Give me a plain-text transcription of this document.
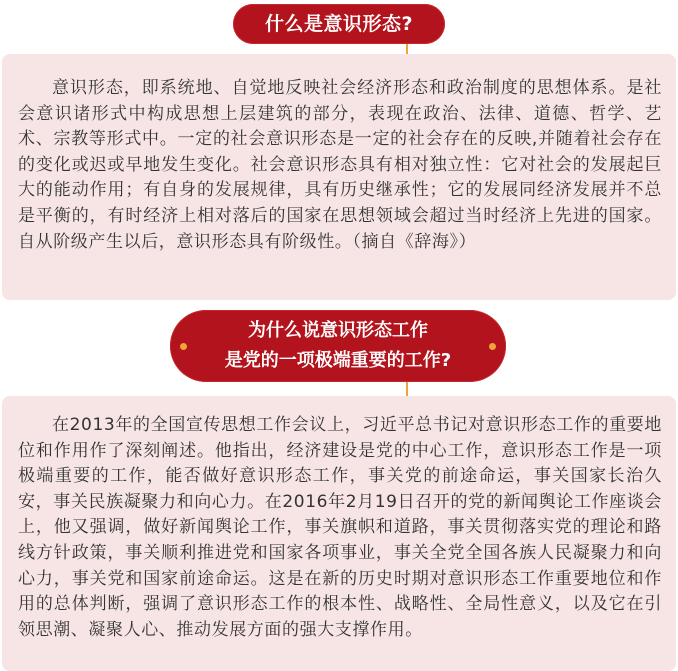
什么是意识形态?

意识形态，即系统地、自觉地反映社会经济形态和政治制度的思想体系。是社会意识诸形式中构成思想上层建筑的部分，表现在政治、法律、道德、哲学、艺术、宗教等形式中。一定的社会意识形态是一定的社会存在的反映,并随着社会存在的变化或迟或早地发生变化。社会意识形态具有相对独立性：它对社会的发展起巨大的能动作用；有自身的发展规律，具有历史继承性；它的发展同经济发展并不总是平衡的，有时经济上相对落后的国家在思想领域会超过当时经济上先进的国家。自从阶级产生以后，意识形态具有阶级性。（摘自《辞海》）

为什么说意识形态工作
是党的一项极端重要的工作?

在2013年的全国宣传思想工作会议上，习近平总书记对意识形态工作的重要地位和作用作了深刻阐述。他指出，经济建设是党的中心工作，意识形态工作是一项极端重要的工作，能否做好意识形态工作，事关党的前途命运，事关国家长治久安，事关民族凝聚力和向心力。在2016年2月19日召开的党的新闻舆论工作座谈会上，他又强调，做好新闻舆论工作，事关旗帜和道路，事关贯彻落实党的理论和路线方针政策，事关顺利推进党和国家各项事业，事关全党全国各族人民凝聚力和向心力，事关党和国家前途命运。这是在新的历史时期对意识形态工作重要地位和作用的总体判断，强调了意识形态工作的根本性、战略性、全局性意义，以及它在引领思潮、凝聚人心、推动发展方面的强大支撑作用。
